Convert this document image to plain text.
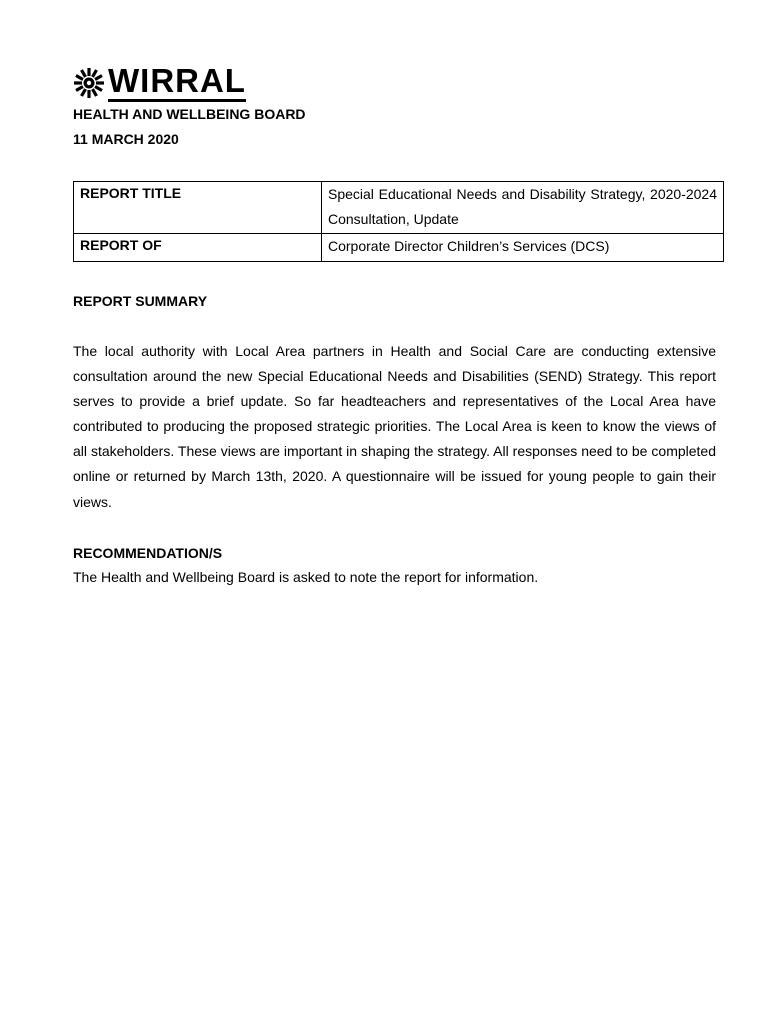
WIRRAL
HEALTH AND WELLBEING BOARD
11 MARCH 2020
REPORT TITLE	Special Educational Needs and Disability Strategy, 2020-2024 Consultation, Update
REPORT OF	Corporate Director Children’s Services (DCS)
REPORT SUMMARY
The local authority with Local Area partners in Health and Social Care are conducting extensive consultation around the new Special Educational Needs and Disabilities (SEND) Strategy. This report serves to provide a brief update. So far headteachers and representatives of the Local Area have contributed to producing the proposed strategic priorities. The Local Area is keen to know the views of all stakeholders. These views are important in shaping the strategy. All responses need to be completed online or returned by March 13th, 2020. A questionnaire will be issued for young people to gain their views.
RECOMMENDATION/S
The Health and Wellbeing Board is asked to note the report for information.
